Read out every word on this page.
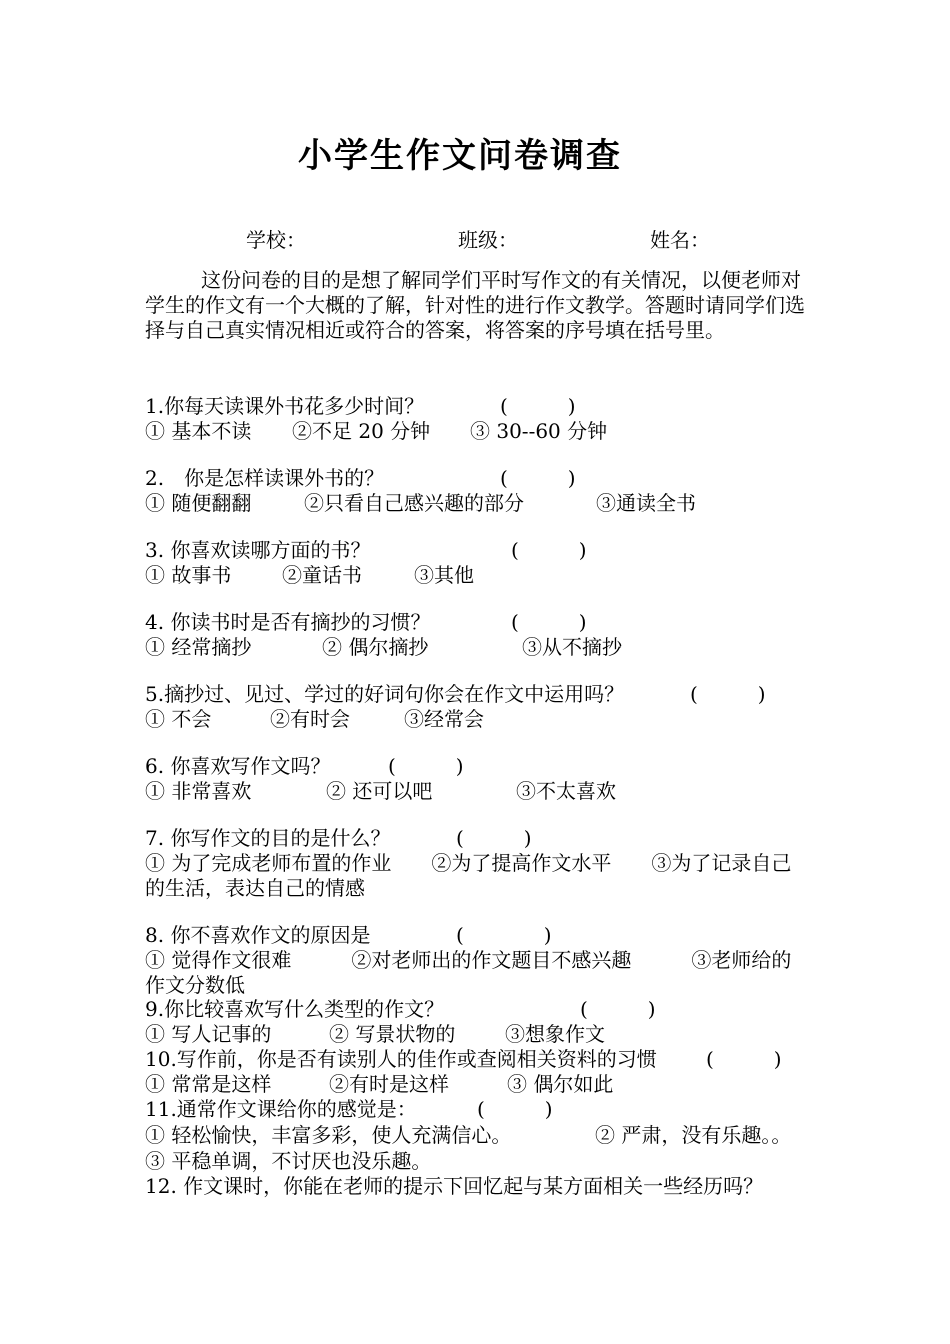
小学生作文问卷调查
学校：	班级：	姓名：
这份问卷的目的是想了解同学们平时写作文的有关情况，以便老师对学生的作文有一个大概的了解，针对性的进行作文教学。答题时请同学们选择与自己真实情况相近或符合的答案，将答案的序号填在括号里。
1.你每天读课外书花多少时间？	(　　　)
① 基本不读 ②不足 20 分钟 ③ 30--60 分钟
2.　你是怎样读课外书的？	(　　　)
① 随便翻翻	②只看自己感兴趣的部分	③通读全书
3. 你喜欢读哪方面的书？	(　　　)
① 故事书	②童话书	③其他
4. 你读书时是否有摘抄的习惯？	(　　　)
① 经常摘抄	② 偶尔摘抄	③从不摘抄
5.摘抄过、见过、学过的好词句你会在作文中运用吗？	(　　　)
① 不会	②有时会	③经常会
6. 你喜欢写作文吗？	(　　　)
① 非常喜欢	② 还可以吧	③不太喜欢
7. 你写作文的目的是什么？	(　　　)
① 为了完成老师布置的作业　　②为了提高作文水平　　③为了记录自己的生活，表达自己的情感
8. 你不喜欢作文的原因是	(　　　　)
① 觉得作文很难　　　②对老师出的作文题目不感兴趣　　　③老师给的作文分数低
9.你比较喜欢写什么类型的作文？	(　　　)
① 写人记事的	② 写景状物的 ③想象作文
10.写作前，你是否有读别人的佳作或查阅相关资料的习惯 (　　　)
① 常常是这样	②有时是这样	③ 偶尔如此
11.通常作文课给你的感觉是：	(　　　)
① 轻松愉快，丰富多彩，使人充满信心。	② 严肃，没有乐趣。。
③ 平稳单调，不讨厌也没乐趣。
12. 作文课时，你能在老师的提示下回忆起与某方面相关一些经历吗？
